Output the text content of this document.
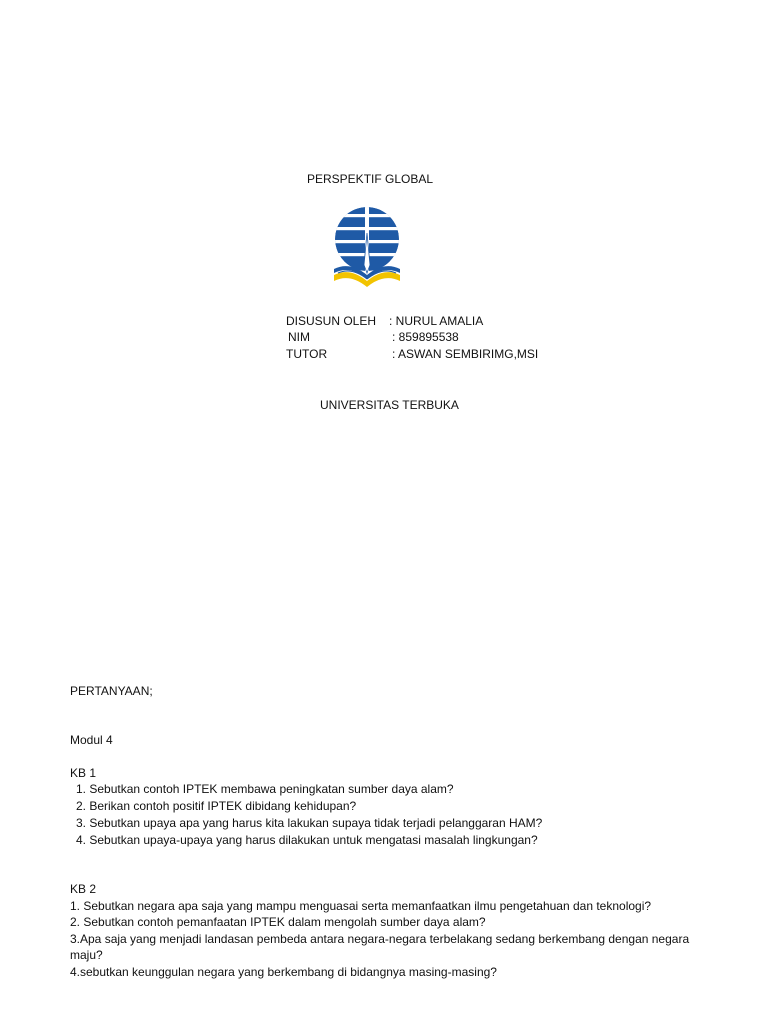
PERSPEKTIF GLOBAL
DISUSUN OLEH : NURUL AMALIA
NIM	: 859895538
TUTOR	: ASWAN SEMBIRIMG,MSI
UNIVERSITAS TERBUKA
PERTANYAAN;
Modul 4
KB 1
1. Sebutkan contoh IPTEK membawa peningkatan sumber daya alam?
2. Berikan contoh positif IPTEK dibidang kehidupan?
3. Sebutkan upaya apa yang harus kita lakukan supaya tidak terjadi pelanggaran HAM?
4. Sebutkan upaya-upaya yang harus dilakukan untuk mengatasi masalah lingkungan?
KB 2
1. Sebutkan negara apa saja yang mampu menguasai serta memanfaatkan ilmu pengetahuan dan teknologi?
2. Sebutkan contoh pemanfaatan IPTEK dalam mengolah sumber daya alam?
3.Apa saja yang menjadi landasan pembeda antara negara-negara terbelakang sedang berkembang dengan negara maju?
4.sebutkan keunggulan negara yang berkembang di bidangnya masing-masing?
